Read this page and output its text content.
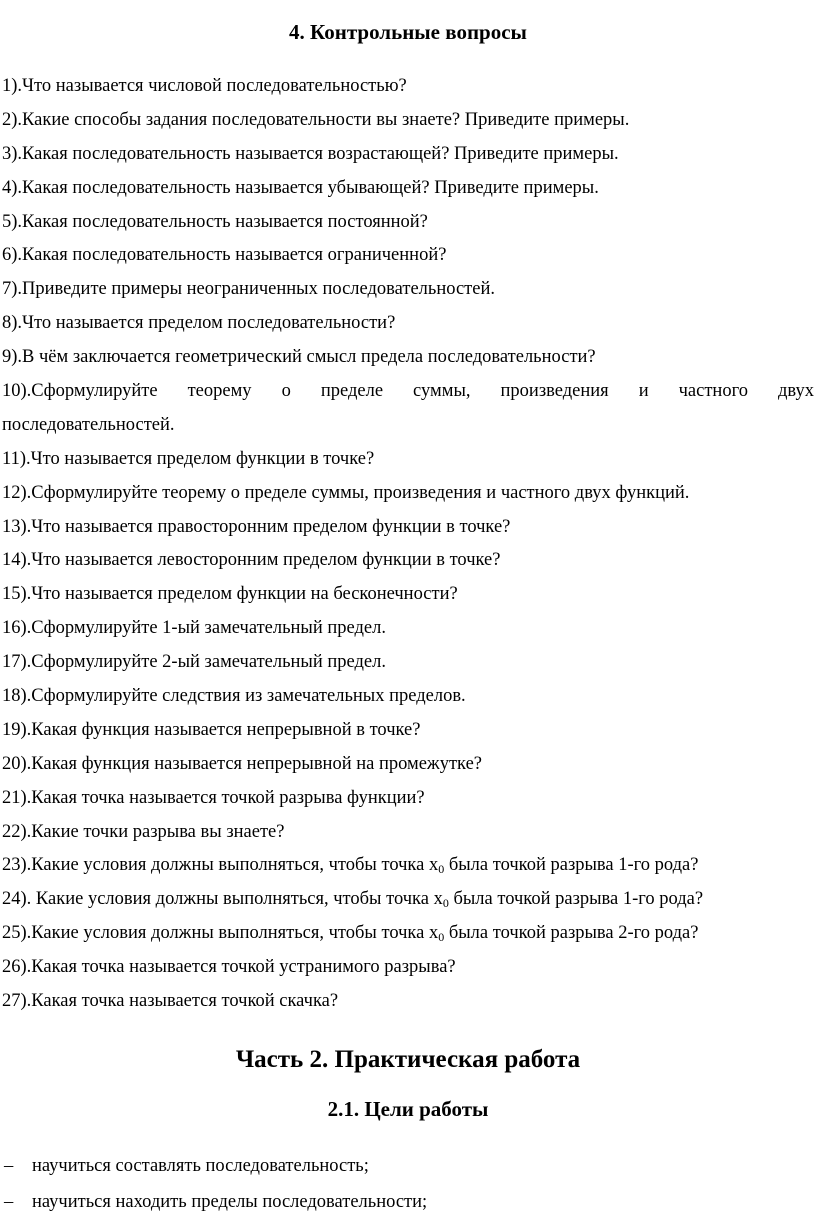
4. Контрольные вопросы
1).Что называется числовой последовательностью?
2).Какие способы задания последовательности вы знаете? Приведите примеры.
3).Какая последовательность называется возрастающей? Приведите примеры.
4).Какая последовательность называется убывающей? Приведите примеры.
5).Какая последовательность называется постоянной?
6).Какая последовательность называется ограниченной?
7).Приведите примеры неограниченных последовательностей.
8).Что называется пределом последовательности?
9).В чём заключается геометрический смысл предела последовательности?
10).Сформулируйте теорему о пределе суммы, произведения и частного двух
последовательностей.
11).Что называется пределом функции в точке?
12).Сформулируйте теорему о пределе суммы, произведения и частного двух функций.
13).Что называется правосторонним пределом функции в точке?
14).Что называется левосторонним пределом функции в точке?
15).Что называется пределом функции на бесконечности?
16).Сформулируйте 1-ый замечательный предел.
17).Сформулируйте 2-ый замечательный предел.
18).Сформулируйте следствия из замечательных пределов.
19).Какая функция называется непрерывной в точке?
20).Какая функция называется непрерывной на промежутке?
21).Какая точка называется точкой разрыва функции?
22).Какие точки разрыва вы знаете?
23).Какие условия должны выполняться, чтобы точка $x_0$ была точкой разрыва 1-го рода?
24). Какие условия должны выполняться, чтобы точка $x_0$ была точкой разрыва 1-го рода?
25).Какие условия должны выполняться, чтобы точка $x_0$ была точкой разрыва 2-го рода?
26).Какая точка называется точкой устранимого разрыва?
27).Какая точка называется точкой скачка?
Часть 2. Практическая работа
2.1. Цели работы
– научиться составлять последовательность;
– научиться находить пределы последовательности;
